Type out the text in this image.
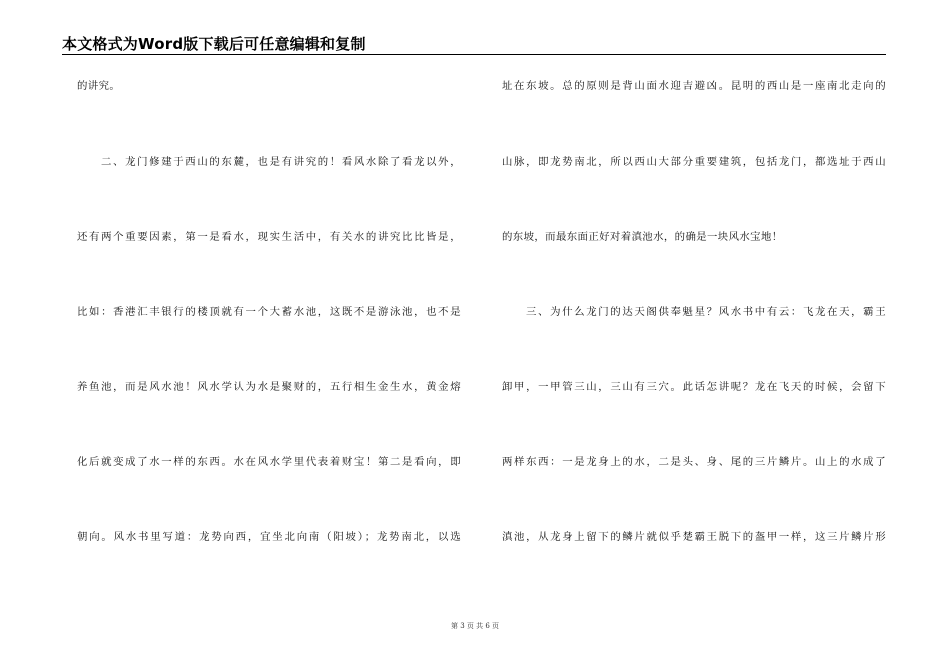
本文格式为Word版下载后可任意编辑和复制
的讲究。
二、龙门修建于西山的东麓，也是有讲究的！看风水除了看龙以外，
还有两个重要因素，第一是看水，现实生活中，有关水的讲究比比皆是，
比如：香港汇丰银行的楼顶就有一个大蓄水池，这既不是游泳池，也不是
养鱼池，而是风水池！风水学认为水是聚财的，五行相生金生水，黄金熔
化后就变成了水一样的东西。水在风水学里代表着财宝！第二是看向，即
朝向。风水书里写道：龙势向西，宜坐北向南（阳坡）；龙势南北，以选
址在东坡。总的原则是背山面水迎吉避凶。昆明的西山是一座南北走向的
山脉，即龙势南北，所以西山大部分重要建筑，包括龙门，都选址于西山
的东坡，而最东面正好对着滇池水，的确是一块风水宝地！
三、为什么龙门的达天阁供奉魁星？风水书中有云：飞龙在天，霸王
卸甲，一甲管三山，三山有三穴。此话怎讲呢？龙在飞天的时候，会留下
两样东西：一是龙身上的水，二是头、身、尾的三片鳞片。山上的水成了
滇池，从龙身上留下的鳞片就似乎楚霸王脱下的盔甲一样，这三片鳞片形
第 3 页 共 6 页
